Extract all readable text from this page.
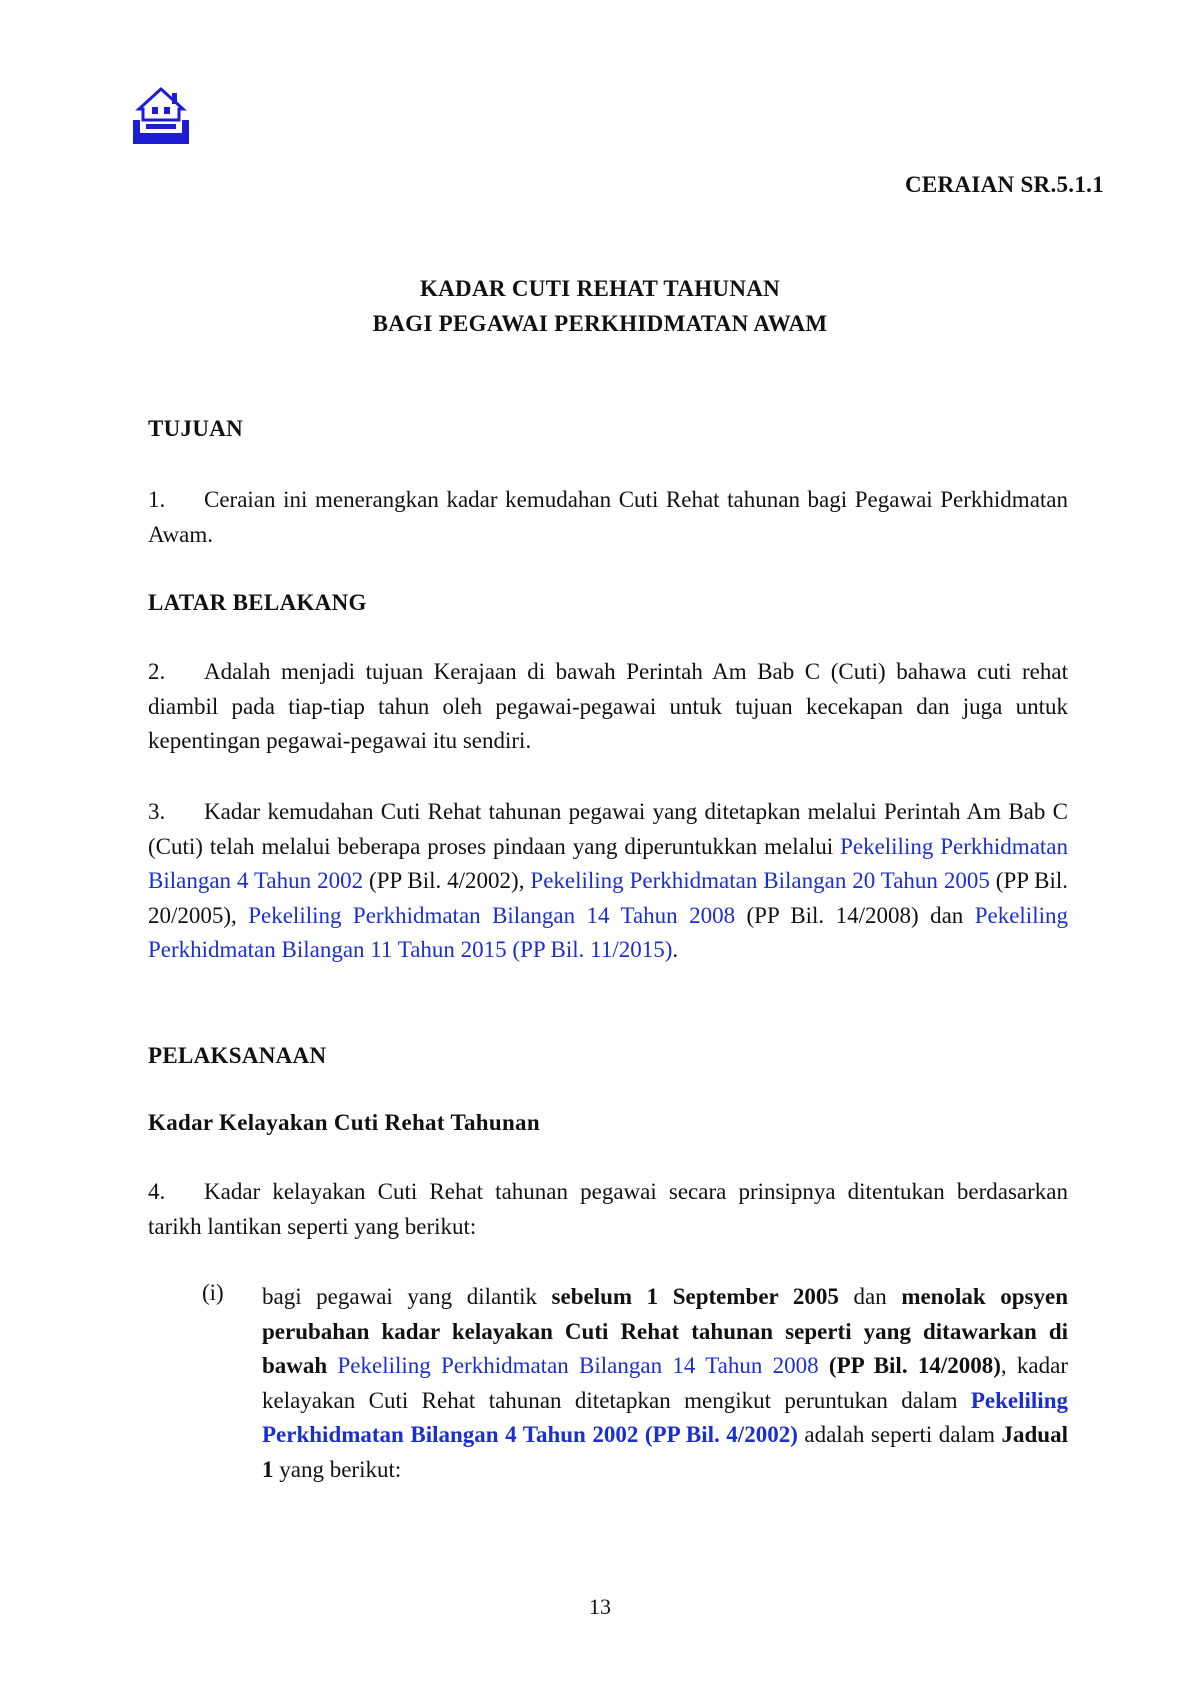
CERAIAN SR.5.1.1
KADAR CUTI REHAT TAHUNAN
BAGI PEGAWAI PERKHIDMATAN AWAM
TUJUAN
1. Ceraian ini menerangkan kadar kemudahan Cuti Rehat tahunan bagi Pegawai Perkhidmatan Awam.
LATAR BELAKANG
2. Adalah menjadi tujuan Kerajaan di bawah Perintah Am Bab C (Cuti) bahawa cuti rehat diambil pada tiap-tiap tahun oleh pegawai-pegawai untuk tujuan kecekapan dan juga untuk kepentingan pegawai-pegawai itu sendiri.
3. Kadar kemudahan Cuti Rehat tahunan pegawai yang ditetapkan melalui Perintah Am Bab C (Cuti) telah melalui beberapa proses pindaan yang diperuntukkan melalui Pekeliling Perkhidmatan Bilangan 4 Tahun 2002 (PP Bil. 4/2002), Pekeliling Perkhidmatan Bilangan 20 Tahun 2005 (PP Bil. 20/2005), Pekeliling Perkhidmatan Bilangan 14 Tahun 2008 (PP Bil. 14/2008) dan Pekeliling Perkhidmatan Bilangan 11 Tahun 2015 (PP Bil. 11/2015).
PELAKSANAAN
Kadar Kelayakan Cuti Rehat Tahunan
4. Kadar kelayakan Cuti Rehat tahunan pegawai secara prinsipnya ditentukan berdasarkan tarikh lantikan seperti yang berikut:
(i) bagi pegawai yang dilantik sebelum 1 September 2005 dan menolak opsyen perubahan kadar kelayakan Cuti Rehat tahunan seperti yang ditawarkan di bawah Pekeliling Perkhidmatan Bilangan 14 Tahun 2008 (PP Bil. 14/2008), kadar kelayakan Cuti Rehat tahunan ditetapkan mengikut peruntukan dalam Pekeliling Perkhidmatan Bilangan 4 Tahun 2002 (PP Bil. 4/2002) adalah seperti dalam Jadual 1 yang berikut:
13
